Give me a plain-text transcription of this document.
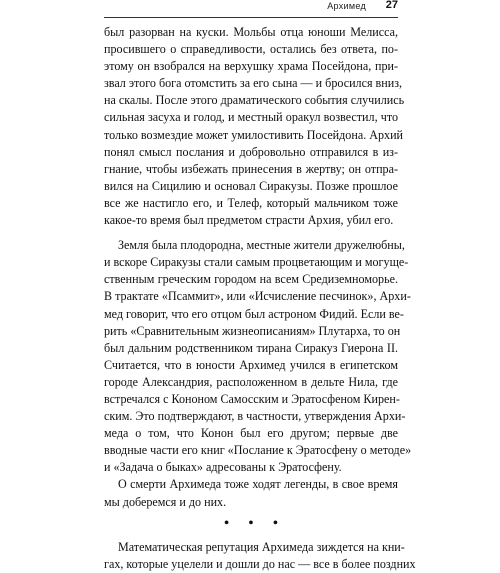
Архимед 27
был разорван на куски. Мольбы отца юноши Мелисса,
просившего о справедливости, остались без ответа, по-
этому он взобрался на верхушку храма Посейдона, при-
звал этого бога отомстить за его сына — и бросился вниз,
на скалы. После этого драматического события случились
сильная засуха и голод, и местный оракул возвестил, что
только возмездие может умилостивить Посейдона. Архий
понял смысл послания и добровольно отправился в из-
гнание, чтобы избежать принесения в жертву; он отпра-
вился на Сицилию и основал Сиракузы. Позже прошлое
все же настигло его, и Телеф, который мальчиком тоже
какое-то время был предметом страсти Архия, убил его.
Земля была плодородна, местные жители дружелюбны,
и вскоре Сиракузы стали самым процветающим и могуще-
ственным греческим городом на всем Средиземноморье.
В трактате «Псаммит», или «Исчисление песчинок», Архи-
мед говорит, что его отцом был астроном Фидий. Если ве-
рить «Сравнительным жизнеописаниям» Плутарха, то он
был дальним родственником тирана Сиракуз Гиерона II.
Считается, что в юности Архимед учился в египетском
городе Александрия, расположенном в дельте Нила, где
встречался с Кононом Самосским и Эратосфеном Кирен-
ским. Это подтверждают, в частности, утверждения Архи-
меда о том, что Конон был его другом; первые две
вводные части его книг «Послание к Эратосфену о методе»
и «Задача о быках» адресованы к Эратосфену.
О смерти Архимеда тоже ходят легенды, в свое время
мы доберемся и до них.
• • •
Математическая репутация Архимеда зиждется на кни-
гах, которые уцелели и дошли до нас — все в более поздних
